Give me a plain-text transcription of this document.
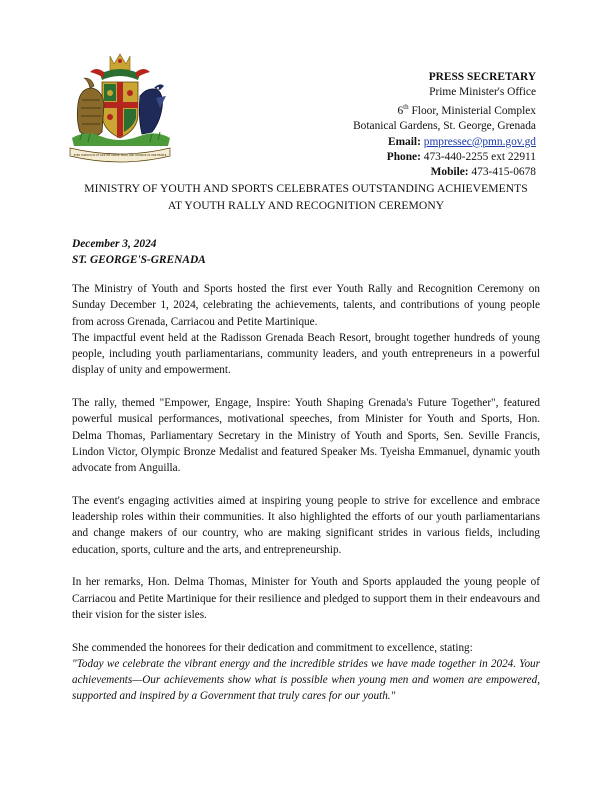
EVER CONSCIOUS OF GOD WE ASPIRE, BUILD AND ADVANCE AS ONE PEOPLE
PRESS SECRETARY
Prime Minister's Office
6th Floor, Ministerial Complex
Botanical Gardens, St. George, Grenada
Email: pmpressec@pmn.gov.gd
Phone: 473-440-2255 ext 22911
Mobile: 473-415-0678
MINISTRY OF YOUTH AND SPORTS CELEBRATES OUTSTANDING ACHIEVEMENTS
AT YOUTH RALLY AND RECOGNITION CEREMONY
December 3, 2024
ST. GEORGE'S-GRENADA

The Ministry of Youth and Sports hosted the first ever Youth Rally and Recognition Ceremony on Sunday December 1, 2024, celebrating the achievements, talents, and contributions of young people from across Grenada, Carriacou and Petite Martinique.

The impactful event held at the Radisson Grenada Beach Resort, brought together hundreds of young people, including youth parliamentarians, community leaders, and youth entrepreneurs in a powerful display of unity and empowerment.

The rally, themed "Empower, Engage, Inspire: Youth Shaping Grenada's Future Together", featured powerful musical performances, motivational speeches, from Minister for Youth and Sports, Hon. Delma Thomas, Parliamentary Secretary in the Ministry of Youth and Sports, Sen. Seville Francis, Lindon Victor, Olympic Bronze Medalist and featured Speaker Ms. Tyeisha Emmanuel, dynamic youth advocate from Anguilla.

The event's engaging activities aimed at inspiring young people to strive for excellence and embrace leadership roles within their communities. It also highlighted the efforts of our youth parliamentarians and change makers of our country, who are making significant strides in various fields, including education, sports, culture and the arts, and entrepreneurship.

In her remarks, Hon. Delma Thomas, Minister for Youth and Sports applauded the young people of Carriacou and Petite Martinique for their resilience and pledged to support them in their endeavours and their vision for the sister isles.

She commended the honorees for their dedication and commitment to excellence, stating:

"Today we celebrate the vibrant energy and the incredible strides we have made together in 2024. Your achievements—Our achievements show what is possible when young men and women are empowered, supported and inspired by a Government that truly cares for our youth."
